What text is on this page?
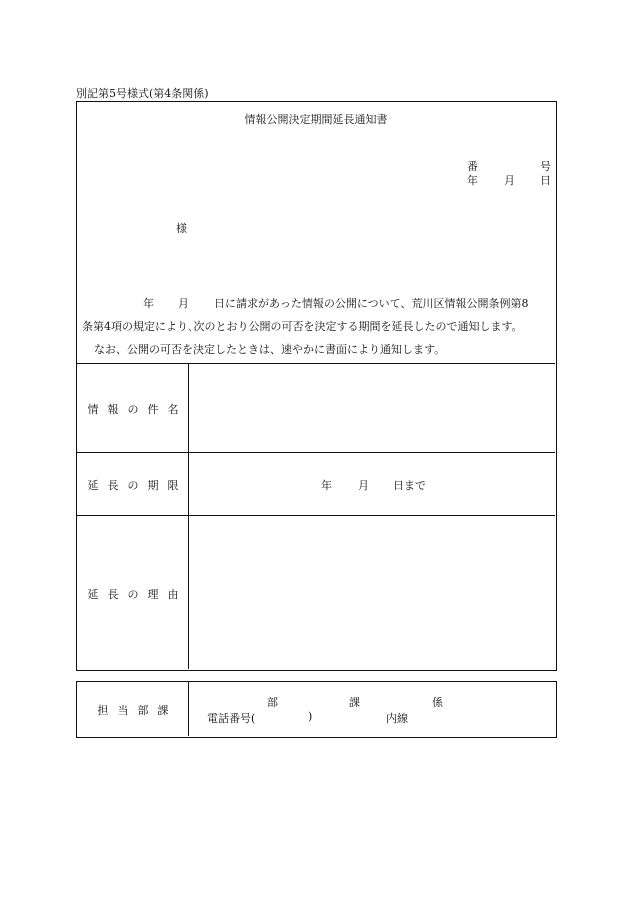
別記第5号様式(第4条関係)
情報公開決定期間延長通知書
番	号
年 月 日
様
年 月 日に請求があった情報の公開について、荒川区情報公開条例第8
条第4項の規定により､次のとおり公開の可否を決定する期間を延長したので通知します。
なお、公開の可否を決定したときは、速やかに書面により通知します。
情報の件名
延長の期限	年 月 日まで
延長の理由
担当部課
部	課	係
電話番号(	)	内線
